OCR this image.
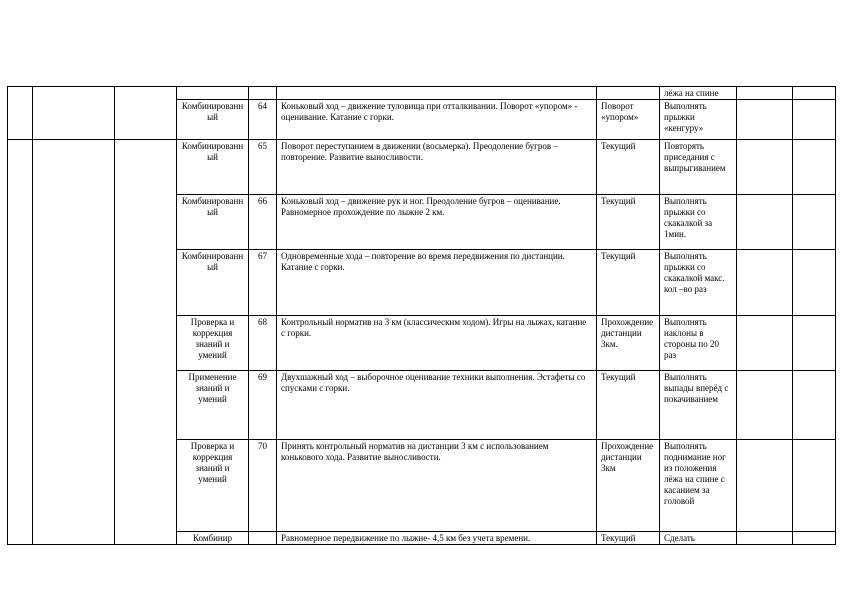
							лёжа на спине		
			Комбинированный	64	Коньковый ход – движение туловища при отталкивании. Поворот «упором» - оценивание. Катание с горки.	Поворот «упором»	Выполнять прыжки «кенгуру»		
			Комбинированный	65	Поворот переступанием в движении (восьмерка). Преодоление бугров – повторение. Развитие выносливости.	Текущий	Повторять приседания с выпрыгиванием		
			Комбинированный	66	Коньковый ход – движение рук и ног. Преодоление бугров – оценивание. Равномерное прохождение по лыжне 2 км.	Текущий	Выполнять прыжки со скакалкой за 1мин.		
			Комбинированный	67	Одновременные хода – повторение во время передвижения по дистанции. Катание с горки.	Текущий	Выполнять прыжки со скакалкой макс. кол –во раз		
			Проверка и коррекция знаний и умений	68	Контрольный норматив на 3 км (классическим ходом). Игры на лыжах, катание с горки.	Прохождение дистанции 3км.	Выполнять наклоны в стороны по 20 раз		
			Применение знаний и умений	69	Двухшажный ход – выборочное оценивание техники выполнения. Эстафеты со спусками с горки.	Текущий	Выполнять выпады вперёд с покачиванием		
			Проверка и коррекция знаний и умений	70	Принять контрольный норматив на дистанции 3 км с использованием конькового хода. Развитие выносливости.	Прохождение дистанции 3км	Выполнять поднимание ног из положения лёжа на спине с касанием за головой		
			Комбинир		Равномерное передвижение по лыжне- 4,5 км без учета времени.	Текущий	Сделать		
